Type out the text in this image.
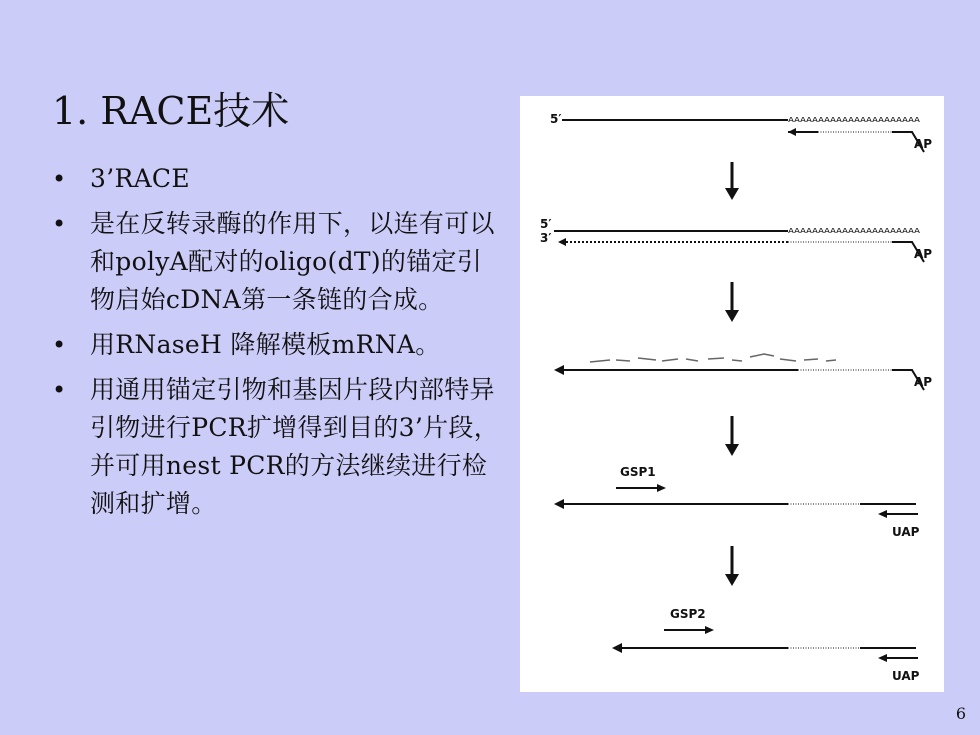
1. RACE技术
• 3’RACE
• 是在反转录酶的作用下，以连有可以和polyA配对的oligo(dT)的锚定引物启始cDNA第一条链的合成。
• 用RNaseH 降解模板mRNA。
• 用通用锚定引物和基因片段内部特异引物进行PCR扩增得到目的3’片段，并可用nest PCR的方法继续进行检测和扩增。
5′	AAAAAAAAAAAAAAAAAAAAAA
AP
5′
3′	AAAAAAAAAAAAAAAAAAAAAA
AP
AP
GSP1
UAP
GSP2
UAP
6
